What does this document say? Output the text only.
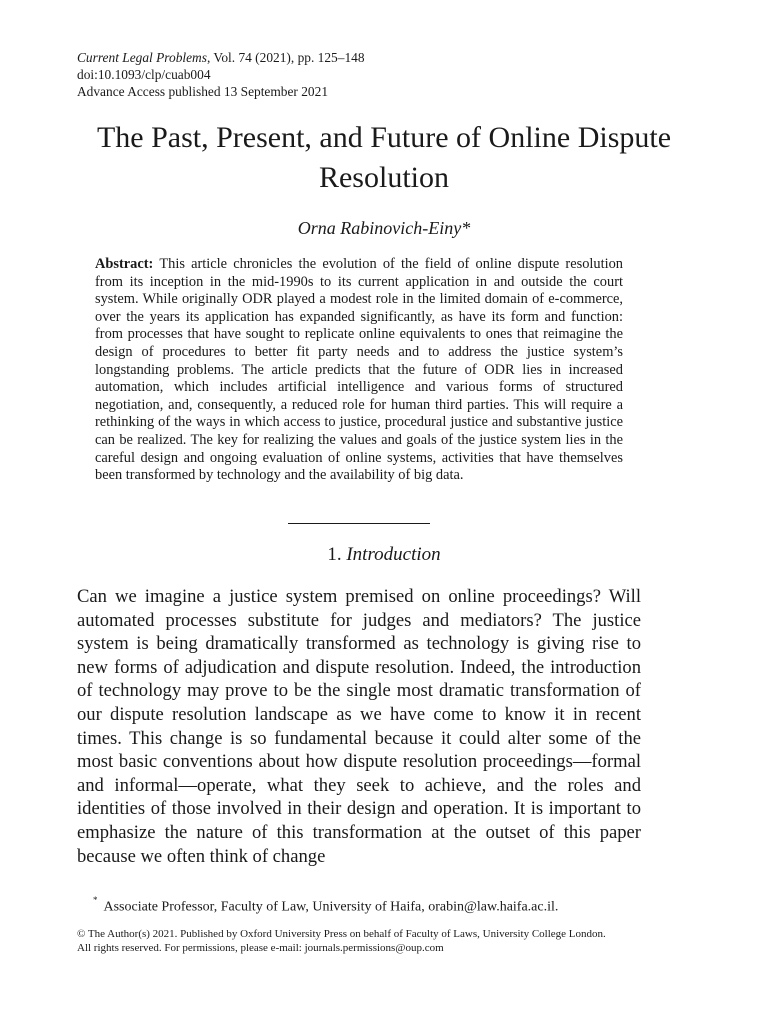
Current Legal Problems, Vol. 74 (2021), pp. 125–148
doi:10.1093/clp/cuab004
Advance Access published 13 September 2021
The Past, Present, and Future of Online Dispute Resolution
Orna Rabinovich-Einy*

Abstract: This article chronicles the evolution of the field of online dispute resolution from its inception in the mid-1990s to its current application in and outside the court system. While originally ODR played a modest role in the limited domain of e-commerce, over the years its application has expanded significantly, as have its form and function: from processes that have sought to replicate online equivalents to ones that reimagine the design of procedures to better fit party needs and to address the justice system’s longstanding problems. The article predicts that the future of ODR lies in increased automation, which includes artificial intelligence and various forms of structured negotiation, and, consequently, a reduced role for human third parties. This will require a rethinking of the ways in which access to justice, procedural justice and substantive justice can be realized. The key for realizing the values and goals of the justice system lies in the careful design and ongoing evaluation of online systems, activities that have themselves been transformed by technology and the availability of big data.

1. Introduction

Can we imagine a justice system premised on online proceedings? Will automated processes substitute for judges and mediators? The justice system is being dramatically transformed as technology is giving rise to new forms of adjudication and dispute resolution. Indeed, the introduction of technology may prove to be the single most dramatic transformation of our dispute resolution landscape as we have come to know it in recent times. This change is so fundamental because it could alter some of the most basic conventions about how dispute resolution proceedings—formal and informal—operate, what they seek to achieve, and the roles and identities of those involved in their design and operation. It is important to emphasize the nature of this transformation at the outset of this paper because we often think of change

* Associate Professor, Faculty of Law, University of Haifa, orabin@law.haifa.ac.il.
© The Author(s) 2021. Published by Oxford University Press on behalf of Faculty of Laws, University College London.
All rights reserved. For permissions, please e-mail: journals.permissions@oup.com
